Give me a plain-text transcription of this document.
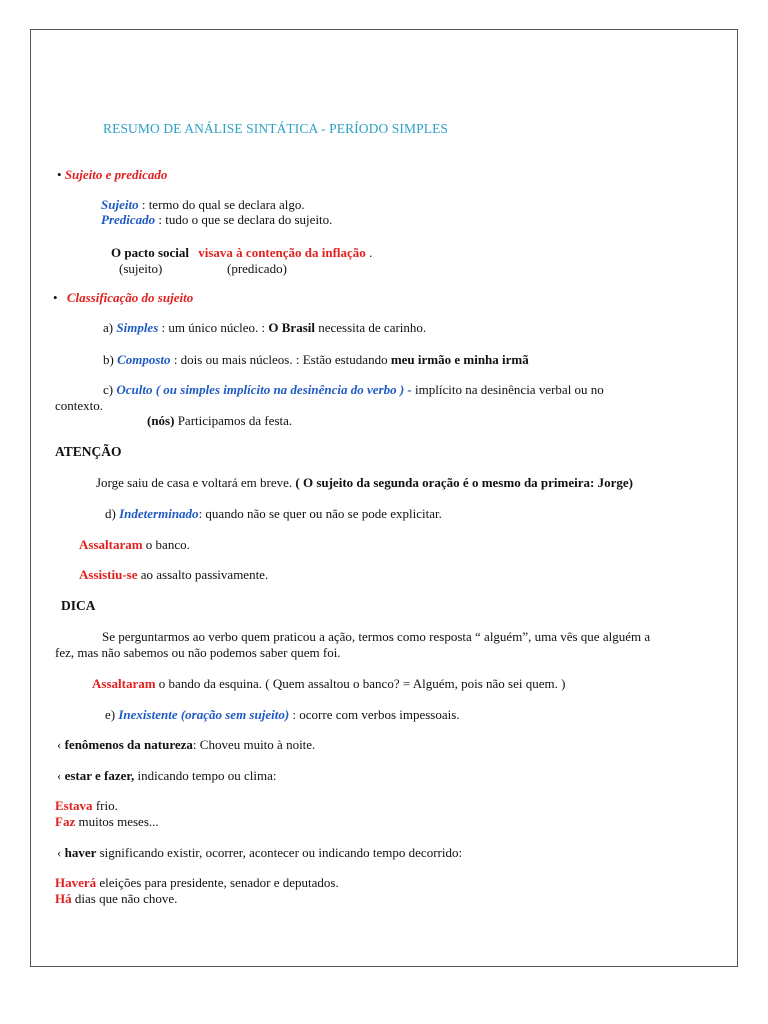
RESUMO DE ANÁLISE SINTÁTICA - PERÍODO SIMPLES
• Sujeito e predicado
Sujeito : termo do qual se declara algo.
Predicado : tudo o que se declara do sujeito.
O pacto social visava à contenção da inflação .
(sujeito)	(predicado)
• Classificação do sujeito
a) Simples : um único núcleo. : O Brasil necessita de carinho.
b) Composto : dois ou mais núcleos. : Estão estudando meu irmão e minha irmã
c) Oculto ( ou simples implícito na desinência do verbo ) - implícito na desinência verbal ou no
contexto.
(nós) Participamos da festa.
ATENÇÃO
Jorge saiu de casa e voltará em breve. ( O sujeito da segunda oração é o mesmo da primeira: Jorge)
d) Indeterminado: quando não se quer ou não se pode explicitar.
Assaltaram o banco.
Assistiu-se ao assalto passivamente.
DICA
Se perguntarmos ao verbo quem praticou a ação, termos como resposta “ alguém”, uma vês que alguém a
fez, mas não sabemos ou não podemos saber quem foi.
Assaltaram o bando da esquina. ( Quem assaltou o banco? = Alguém, pois não sei quem. )
e) Inexistente (oração sem sujeito) : ocorre com verbos impessoais.
‹ fenômenos da natureza: Choveu muito à noite.
‹ estar e fazer, indicando tempo ou clima:
Estava frio.
Faz muitos meses...
‹ haver significando existir, ocorrer, acontecer ou indicando tempo decorrido:
Haverá eleições para presidente, senador e deputados.
Há dias que não chove.
